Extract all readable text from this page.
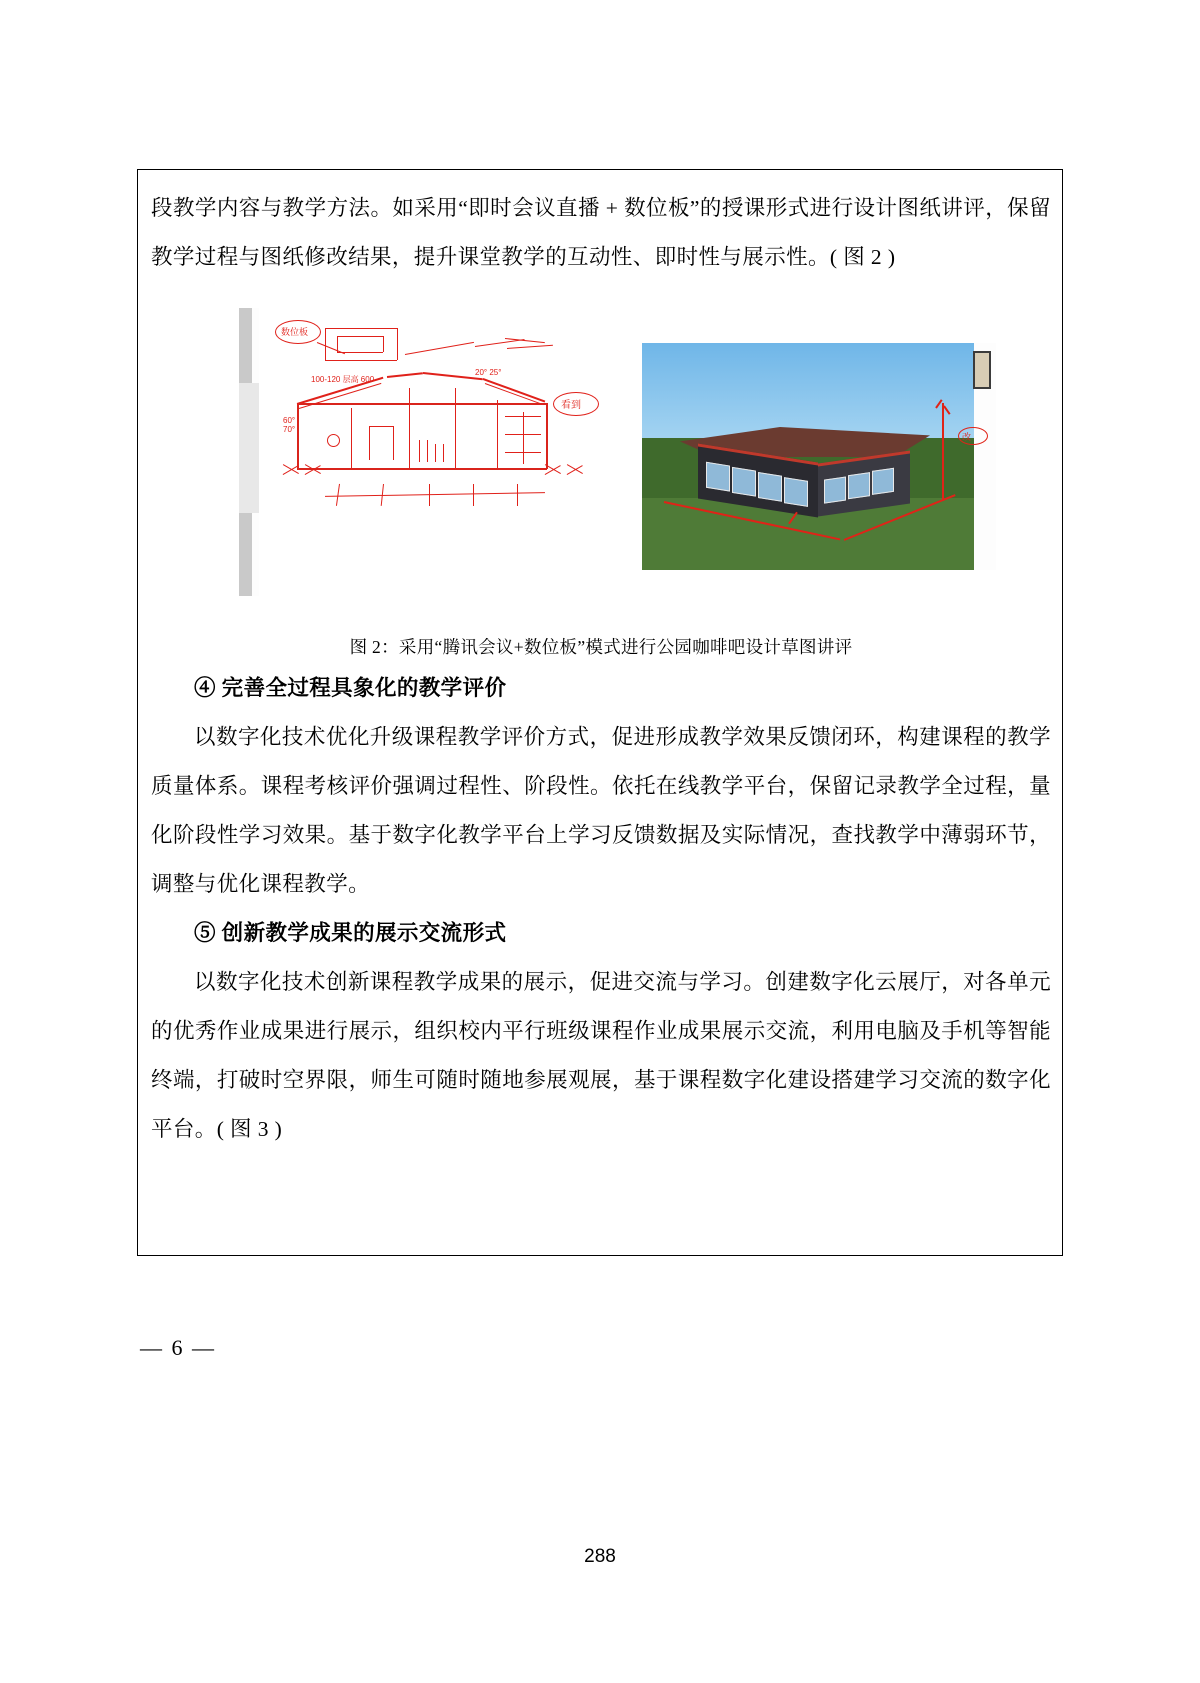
段教学内容与教学方法。如采用“即时会议直播 + 数位板”的授课形式进行设计图纸讲评，保留教学过程与图纸修改结果，提升课堂教学的互动性、即时性与展示性。( 图 2 )

数位板
100-120 层高 600
20° 25°
60°
70°
看到
改
图 2：采用“腾讯会议+数位板”模式进行公园咖啡吧设计草图讲评
④ 完善全过程具象化的教学评价

以数字化技术优化升级课程教学评价方式，促进形成教学效果反馈闭环，构建课程的教学质量体系。课程考核评价强调过程性、阶段性。依托在线教学平台，保留记录教学全过程，量化阶段性学习效果。基于数字化教学平台上学习反馈数据及实际情况，查找教学中薄弱环节，调整与优化课程教学。

⑤ 创新教学成果的展示交流形式

以数字化技术创新课程教学成果的展示，促进交流与学习。创建数字化云展厅，对各单元的优秀作业成果进行展示，组织校内平行班级课程作业成果展示交流，利用电脑及手机等智能终端，打破时空界限，师生可随时随地参展观展，基于课程数字化建设搭建学习交流的数字化平台。( 图 3 )

— 6 —
288
